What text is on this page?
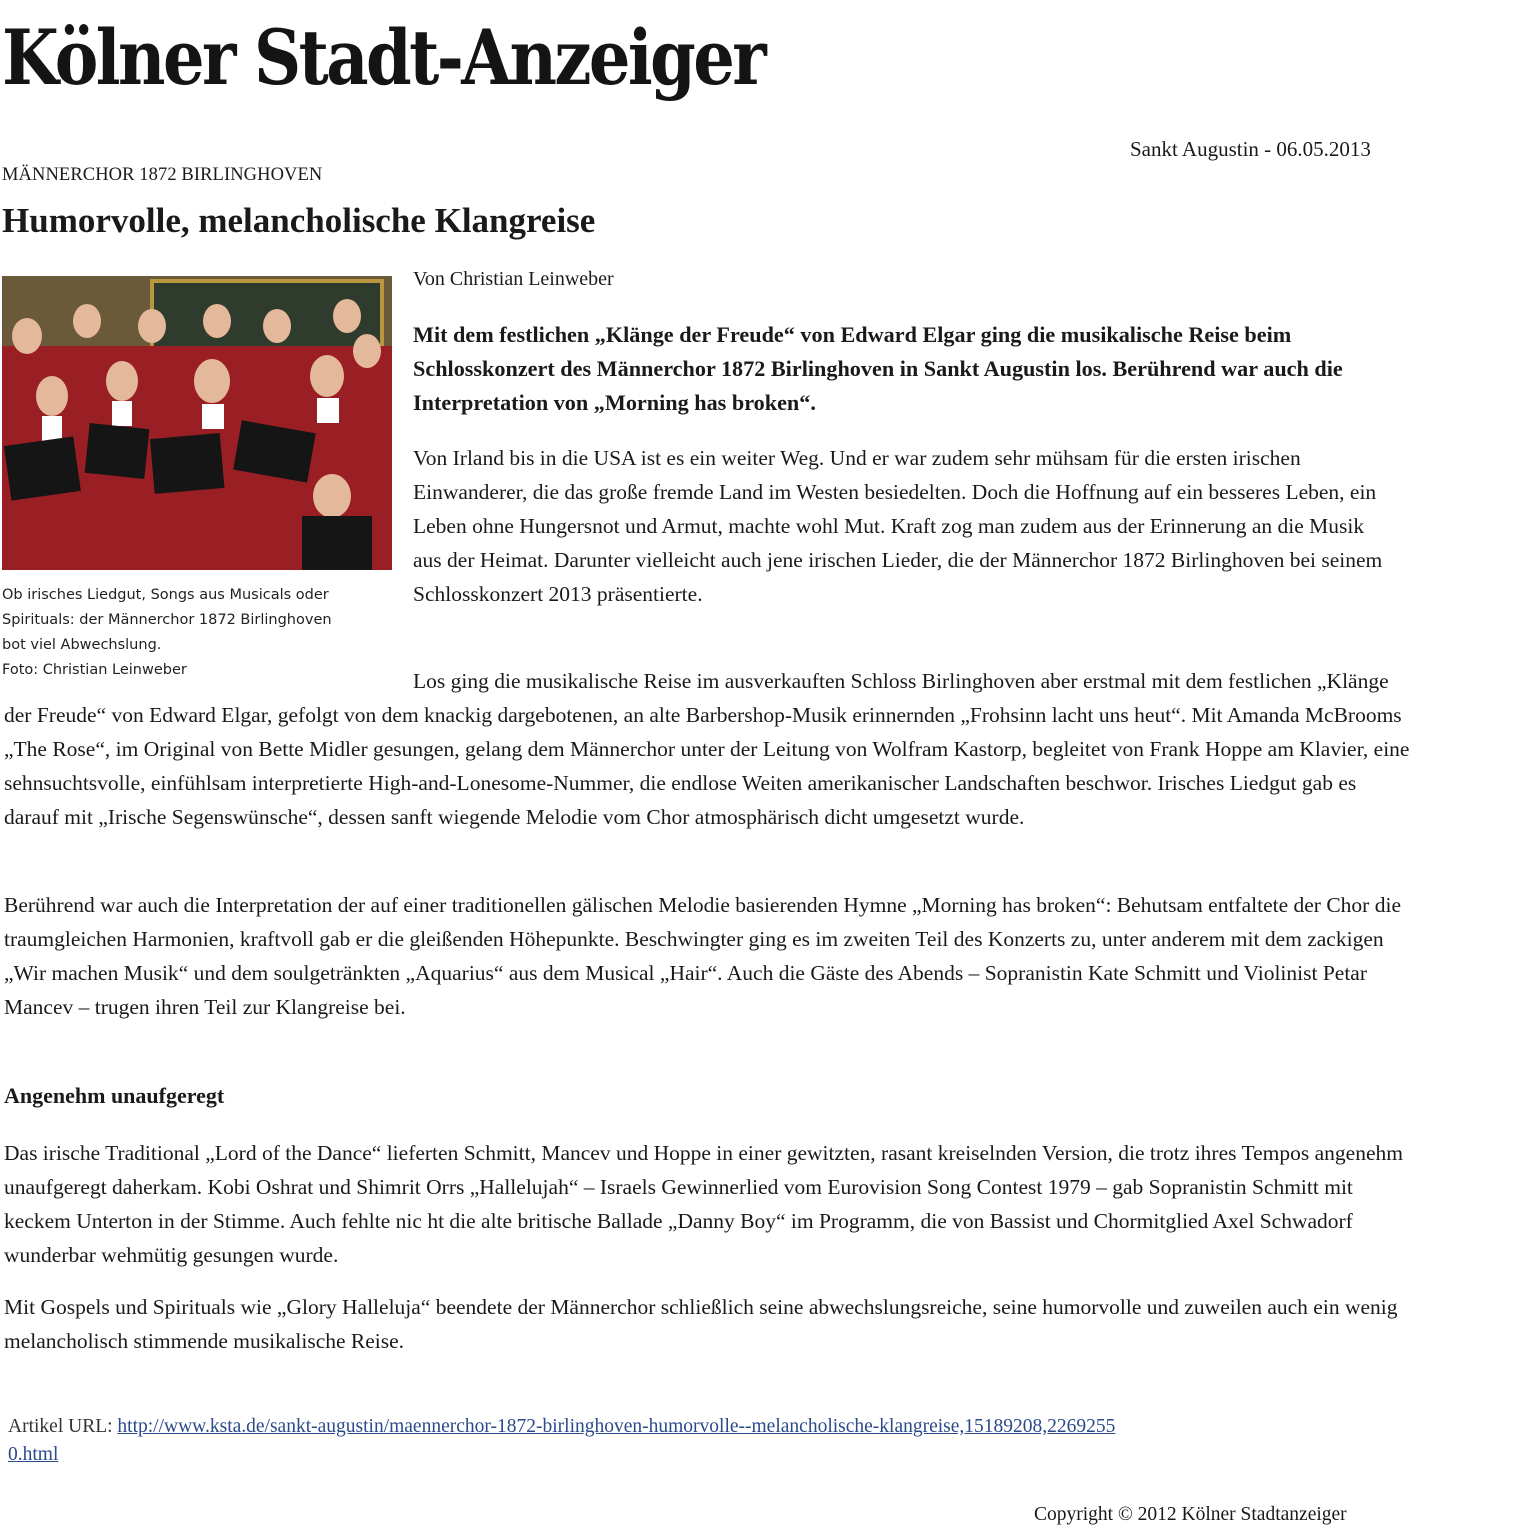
Kölner Stadt-Anzeiger
Sankt Augustin - 06.05.2013
MÄNNERCHOR 1872 BIRLINGHOVEN
Humorvolle, melancholische Klangreise

Ob irisches Liedgut, Songs aus Musicals oder

Spirituals: der Männerchor 1872 Birlinghoven

bot viel Abwechslung.

Foto: Christian Leinweber

Von Christian Leinweber

Mit dem festlichen „Klänge der Freude“ von Edward Elgar ging die musikalische Reise beim Schlosskonzert des Männerchor 1872 Birlinghoven in Sankt Augustin los. Berührend war auch die Interpretation von „Morning has broken“.

Von Irland bis in die USA ist es ein weiter Weg. Und er war zudem sehr mühsam für die ersten irischen Einwanderer, die das große fremde Land im Westen besiedelten. Doch die Hoffnung auf ein besseres Leben, ein Leben ohne Hungersnot und Armut, machte wohl Mut. Kraft zog man zudem aus der Erinnerung an die Musik aus der Heimat. Darunter vielleicht auch jene irischen Lieder, die der Männerchor 1872 Birlinghoven bei seinem Schlosskonzert 2013 präsentierte.

Los ging die musikalische Reise im ausverkauften Schloss Birlinghoven aber erstmal mit dem festlichen „Klänge der Freude“ von Edward Elgar, gefolgt von dem knackig dargebotenen, an alte Barbershop-Musik erinnernden „Frohsinn lacht uns heut“. Mit Amanda McBrooms „The Rose“, im Original von Bette Midler gesungen, gelang dem Männerchor unter der Leitung von Wolfram Kastorp, begleitet von Frank Hoppe am Klavier, eine sehnsuchtsvolle, einfühlsam interpretierte High-and-Lonesome-Nummer, die endlose Weiten amerikanischer Landschaften beschwor. Irisches Liedgut gab es darauf mit „Irische Segenswünsche“, dessen sanft wiegende Melodie vom Chor atmosphärisch dicht umgesetzt wurde.

Berührend war auch die Interpretation der auf einer traditionellen gälischen Melodie basierenden Hymne „Morning has broken“: Behutsam entfaltete der Chor die traumgleichen Harmonien, kraftvoll gab er die gleißenden Höhepunkte. Beschwingter ging es im zweiten Teil des Konzerts zu, unter anderem mit dem zackigen „Wir machen Musik“ und dem soulgetränkten „Aquarius“ aus dem Musical „Hair“. Auch die Gäste des Abends – Sopranistin Kate Schmitt und Violinist Petar Mancev – trugen ihren Teil zur Klangreise bei.

Angenehm unaufgeregt

Das irische Traditional „Lord of the Dance“ lieferten Schmitt, Mancev und Hoppe in einer gewitzten, rasant kreiselnden Version, die trotz ihres Tempos angenehm unaufgeregt daherkam. Kobi Oshrat und Shimrit Orrs „Hallelujah“ – Israels Gewinnerlied vom Eurovision Song Contest 1979 – gab Sopranistin Schmitt mit keckem Unterton in der Stimme. Auch fehlte nic ht die alte britische Ballade „Danny Boy“ im Programm, die von Bassist und Chormitglied Axel Schwadorf wunderbar wehmütig gesungen wurde.

Mit Gospels und Spirituals wie „Glory Halleluja“ beendete der Männerchor schließlich seine abwechslungsreiche, seine humorvolle und zuweilen auch ein wenig melancholisch stimmende musikalische Reise.

Artikel URL: http://www.ksta.de/sankt-augustin/maennerchor-1872-birlinghoven-humorvolle--melancholische-klangreise,15189208,22692550.html
Copyright © 2012 Kölner Stadtanzeiger
